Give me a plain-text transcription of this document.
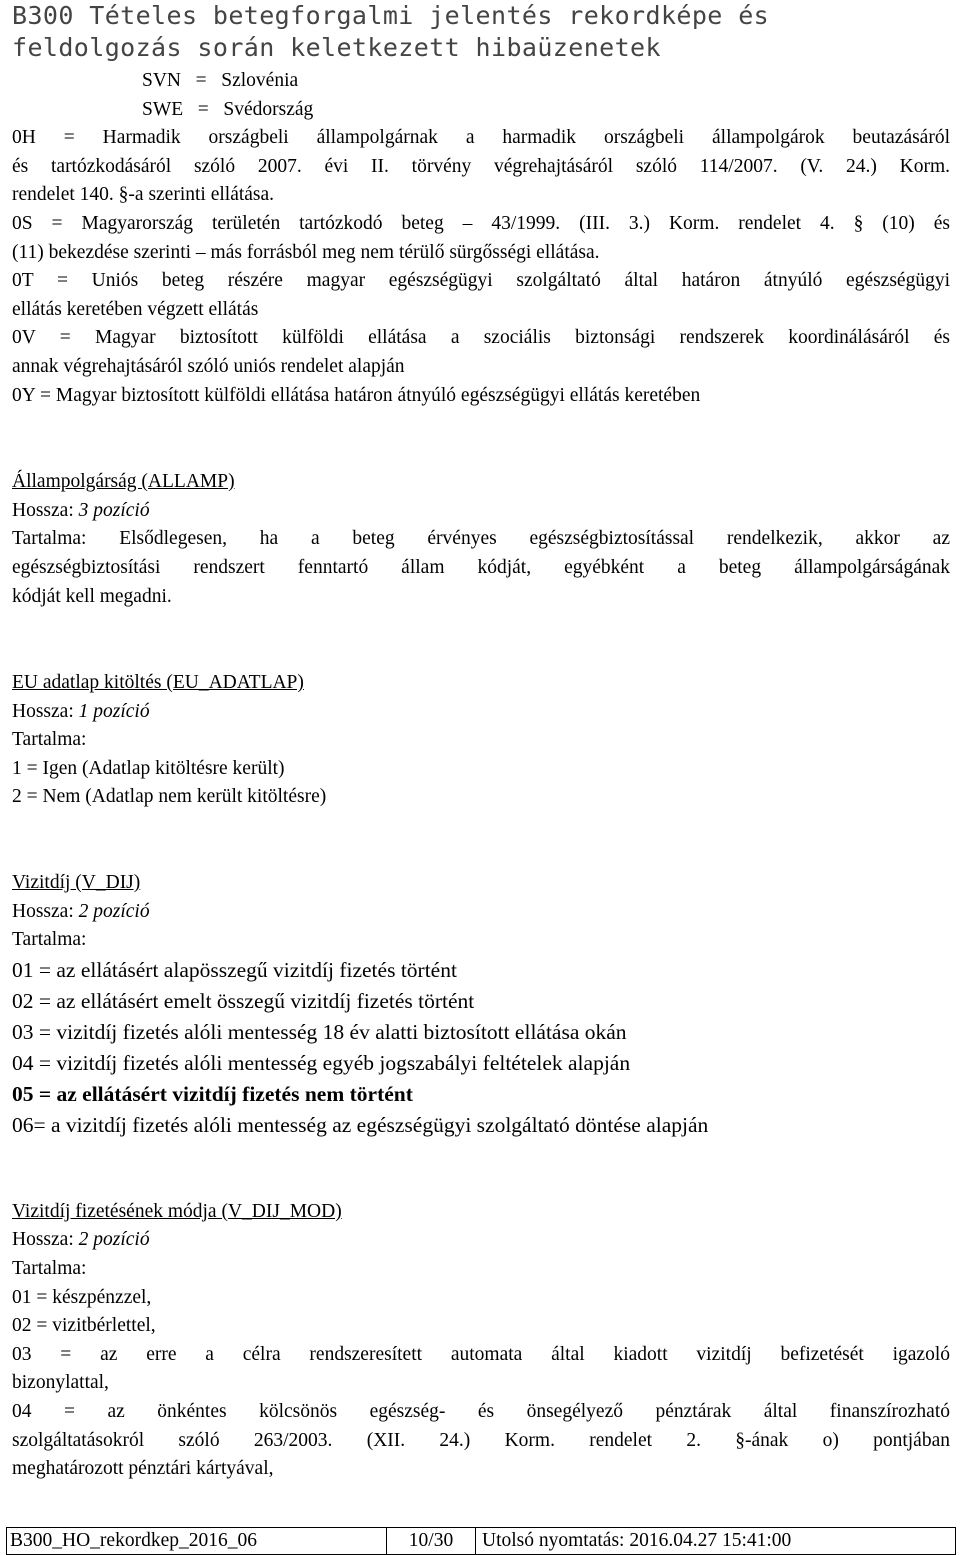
B300 Tételes betegforgalmi jelentés rekordképe és
feldolgozás során keletkezett hibaüzenetek
SVN   =   Szlovénia
SWE   =   Svédország
0H = Harmadik országbeli állampolgárnak a harmadik országbeli állampolgárok beutazásáról
és tartózkodásáról szóló 2007. évi II. törvény végrehajtásáról szóló 114/2007. (V. 24.) Korm.
rendelet 140. §-a szerinti ellátása.
0S = Magyarország területén tartózkodó beteg – 43/1999. (III. 3.) Korm. rendelet 4. § (10) és
(11) bekezdése szerinti – más forrásból meg nem térülő sürgősségi ellátása.
0T = Uniós beteg részére magyar egészségügyi szolgáltató által határon átnyúló egészségügyi
ellátás keretében végzett ellátás
0V = Magyar biztosított külföldi ellátása a szociális biztonsági rendszerek koordinálásáról és
annak végrehajtásáról szóló uniós rendelet alapján
0Y = Magyar biztosított külföldi ellátása határon átnyúló egészségügyi ellátás keretében
Állampolgárság (ALLAMP)
Hossza: 3 pozíció
Tartalma: Elsődlegesen, ha a beteg érvényes egészségbiztosítással rendelkezik, akkor az
egészségbiztosítási rendszert fenntartó állam kódját, egyébként a beteg állampolgárságának
kódját kell megadni.
EU adatlap kitöltés (EU_ADATLAP)
Hossza: 1 pozíció
Tartalma:
1 = Igen (Adatlap kitöltésre került)
2 = Nem (Adatlap nem került kitöltésre)
Vizitdíj (V_DIJ)
Hossza: 2 pozíció
Tartalma:
01 = az ellátásért alapösszegű vizitdíj fizetés történt
02 = az ellátásért emelt összegű vizitdíj fizetés történt
03 = vizitdíj fizetés alóli mentesség 18 év alatti biztosított ellátása okán
04 = vizitdíj fizetés alóli mentesség egyéb jogszabályi feltételek alapján
05 = az ellátásért vizitdíj fizetés nem történt
06= a vizitdíj fizetés alóli mentesség az egészségügyi szolgáltató döntése alapján
Vizitdíj fizetésének módja (V_DIJ_MOD)
Hossza: 2 pozíció
Tartalma:
01 = készpénzzel,
02 = vizitbérlettel,
03 = az erre a célra rendszeresített automata által kiadott vizitdíj befizetését igazoló
bizonylattal,
04 = az önkéntes kölcsönös egészség- és önsegélyező pénztárak által finanszírozható
szolgáltatásokról szóló 263/2003. (XII. 24.) Korm. rendelet 2. §-ának o) pontjában
meghatározott pénztári kártyával,
B300_HO_rekordkep_2016_06	10/30	Utolsó nyomtatás: 2016.04.27 15:41:00
